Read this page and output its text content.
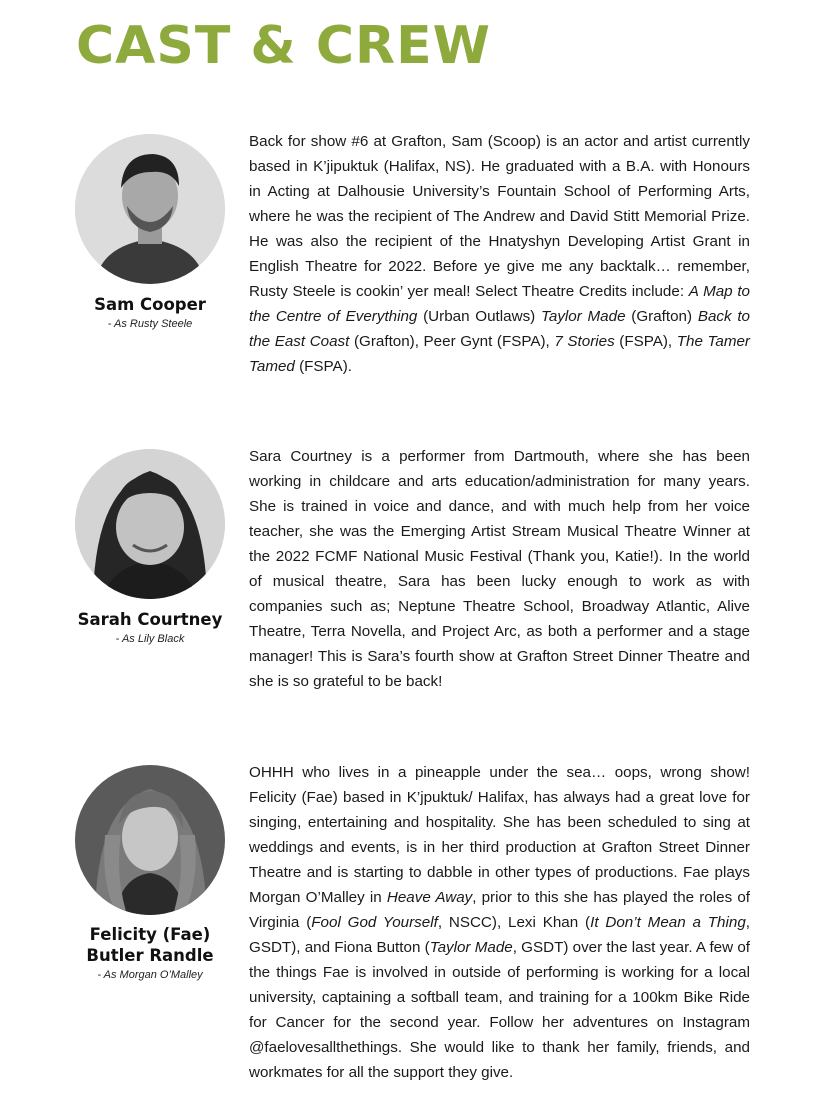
CAST & CREW
Sam Cooper
- As Rusty Steele

Back for show #6 at Grafton, Sam (Scoop) is an actor and artist currently based in K’jipuktuk (Halifax, NS). He graduated with a B.A. with Honours in Acting at Dalhousie University’s Fountain School of Performing Arts, where he was the recipient of The Andrew and David Stitt Memorial Prize. He was also the recipient of the Hnatyshyn Developing Artist Grant in English Theatre for 2022. Before ye give me any backtalk… remember, Rusty Steele is cookin’ yer meal! Select Theatre Credits include: A Map to the Centre of Everything (Urban Outlaws) Taylor Made (Grafton) Back to the East Coast (Grafton), Peer Gynt (FSPA), 7 Stories (FSPA), The Tamer Tamed (FSPA).

Sarah Courtney
- As Lily Black

Sara Courtney is a performer from Dartmouth, where she has been working in childcare and arts education/administration for many years. She is trained in voice and dance, and with much help from her voice teacher, she was the Emerging Artist Stream Musical Theatre Winner at the 2022 FCMF National Music Festival (Thank you, Katie!). In the world of musical theatre, Sara has been lucky enough to work as with companies such as; Neptune Theatre School, Broadway Atlantic, Alive Theatre, Terra Novella, and Project Arc, as both a performer and a stage manager! This is Sara’s fourth show at Grafton Street Dinner Theatre and she is so grateful to be back!

Felicity (Fae)
Butler Randle
- As Morgan O’Malley

OHHH who lives in a pineapple under the sea… oops, wrong show! Felicity (Fae) based in K’jpuktuk/ Halifax, has always had a great love for singing, entertaining and hospitality. She has been scheduled to sing at weddings and events, is in her third production at Grafton Street Dinner Theatre and is starting to dabble in other types of productions. Fae plays Morgan O’Malley in Heave Away, prior to this she has played the roles of Virginia (Fool God Yourself, NSCC), Lexi Khan (It Don’t Mean a Thing, GSDT), and Fiona Button (Taylor Made, GSDT) over the last year. A few of the things Fae is involved in outside of performing is working for a local university, captaining a softball team, and training for a 100km Bike Ride for Cancer for the second year. Follow her adventures on Instagram @faelovesallthethings. She would like to thank her family, friends, and workmates for all the support they give.
